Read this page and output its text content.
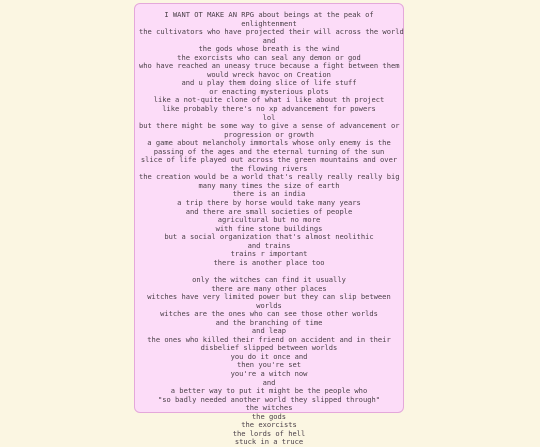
I WANT OT MAKE AN RPG about beings at the peak of
enlightenment
the cultivators who have projected their will across the world
and
the gods whose breath is the wind
the exorcists who can seal any demon or god
who have reached an uneasy truce because a fight between them
would wreck havoc on Creation
and u play them doing slice of life stuff
or enacting mysterious plots
like a not-quite clone of what i like about th project
like probably there's no xp advancement for powers
lol
but there might be some way to give a sense of advancement or
progression or growth
a game about melancholy immortals whose only enemy is the
passing of the ages and the eternal turning of the sun
slice of life played out across the green mountains and over
the flowing rivers
the creation would be a world that's really really really big
many many times the size of earth
there is an india
a trip there by horse would take many years
and there are small societies of people
agricultural but no more
with fine stone buildings
but a social organization that's almost neolithic
and trains
trains r important
there is another place too
only the witches can find it usually
there are many other places
witches have very limited power but they can slip between
worlds
witches are the ones who can see those other worlds
and the branching of time
and leap
the ones who killed their friend on accident and in their
disbelief slipped between worlds
you do it once and
then you're set
you're a witch now
and
a better way to put it might be the people who
"so badly needed another world they slipped through"
the witches
the gods
the exorcists
the lords of hell
stuck in a truce
